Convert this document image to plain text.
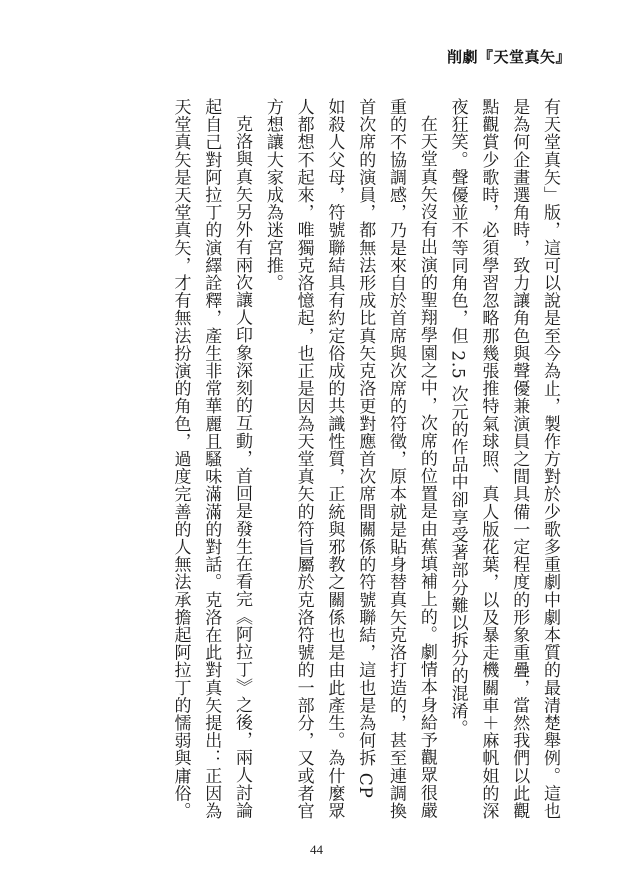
削劇『天堂真矢』

有天堂真矢」版，這可以說是至今為止，製作方對於少歌多重劇中劇本質的最清楚舉例。這也是為何企畫選角時，致力讓角色與聲優兼演員之間具備一定程度的形象重疊，當然我們以此觀點觀賞少歌時，必須學習忽略那幾張推特氣球照、真人版花葉，以及暴走機關車＋麻帆姐的深夜狂笑。聲優並不等同角色，但 2.5 次元的作品中卻享受著部分難以拆分的混淆。

在天堂真矢沒有出演的聖翔學園之中，次席的位置是由蕉填補上的。劇情本身給予觀眾很嚴重的不協調感，乃是來自於首席與次席的符徵，原本就是貼身替真矢克洛打造的，甚至連調換首次席的演員，都無法形成比真矢克洛更對應首次席間關係的符號聯結，這也是為何拆 CP 如殺人父母，符號聯結具有約定俗成的共識性質，正統與邪教之關係也是由此產生。為什麼眾人都想不起來，唯獨克洛憶起，也正是因為天堂真矢的符旨屬於克洛符號的一部分，又或者官方想讓大家成為迷宮推。

克洛與真矢另外有兩次讓人印象深刻的互動，首回是發生在看完《阿拉丁》之後，兩人討論起自己對阿拉丁的演繹詮釋，產生非常華麗且騷味滿滿的對話。克洛在此對真矢提出：正因為天堂真矢是天堂真矢，才有無法扮演的角色，過度完善的人無法承擔起阿拉丁的懦弱與庸俗。

44
